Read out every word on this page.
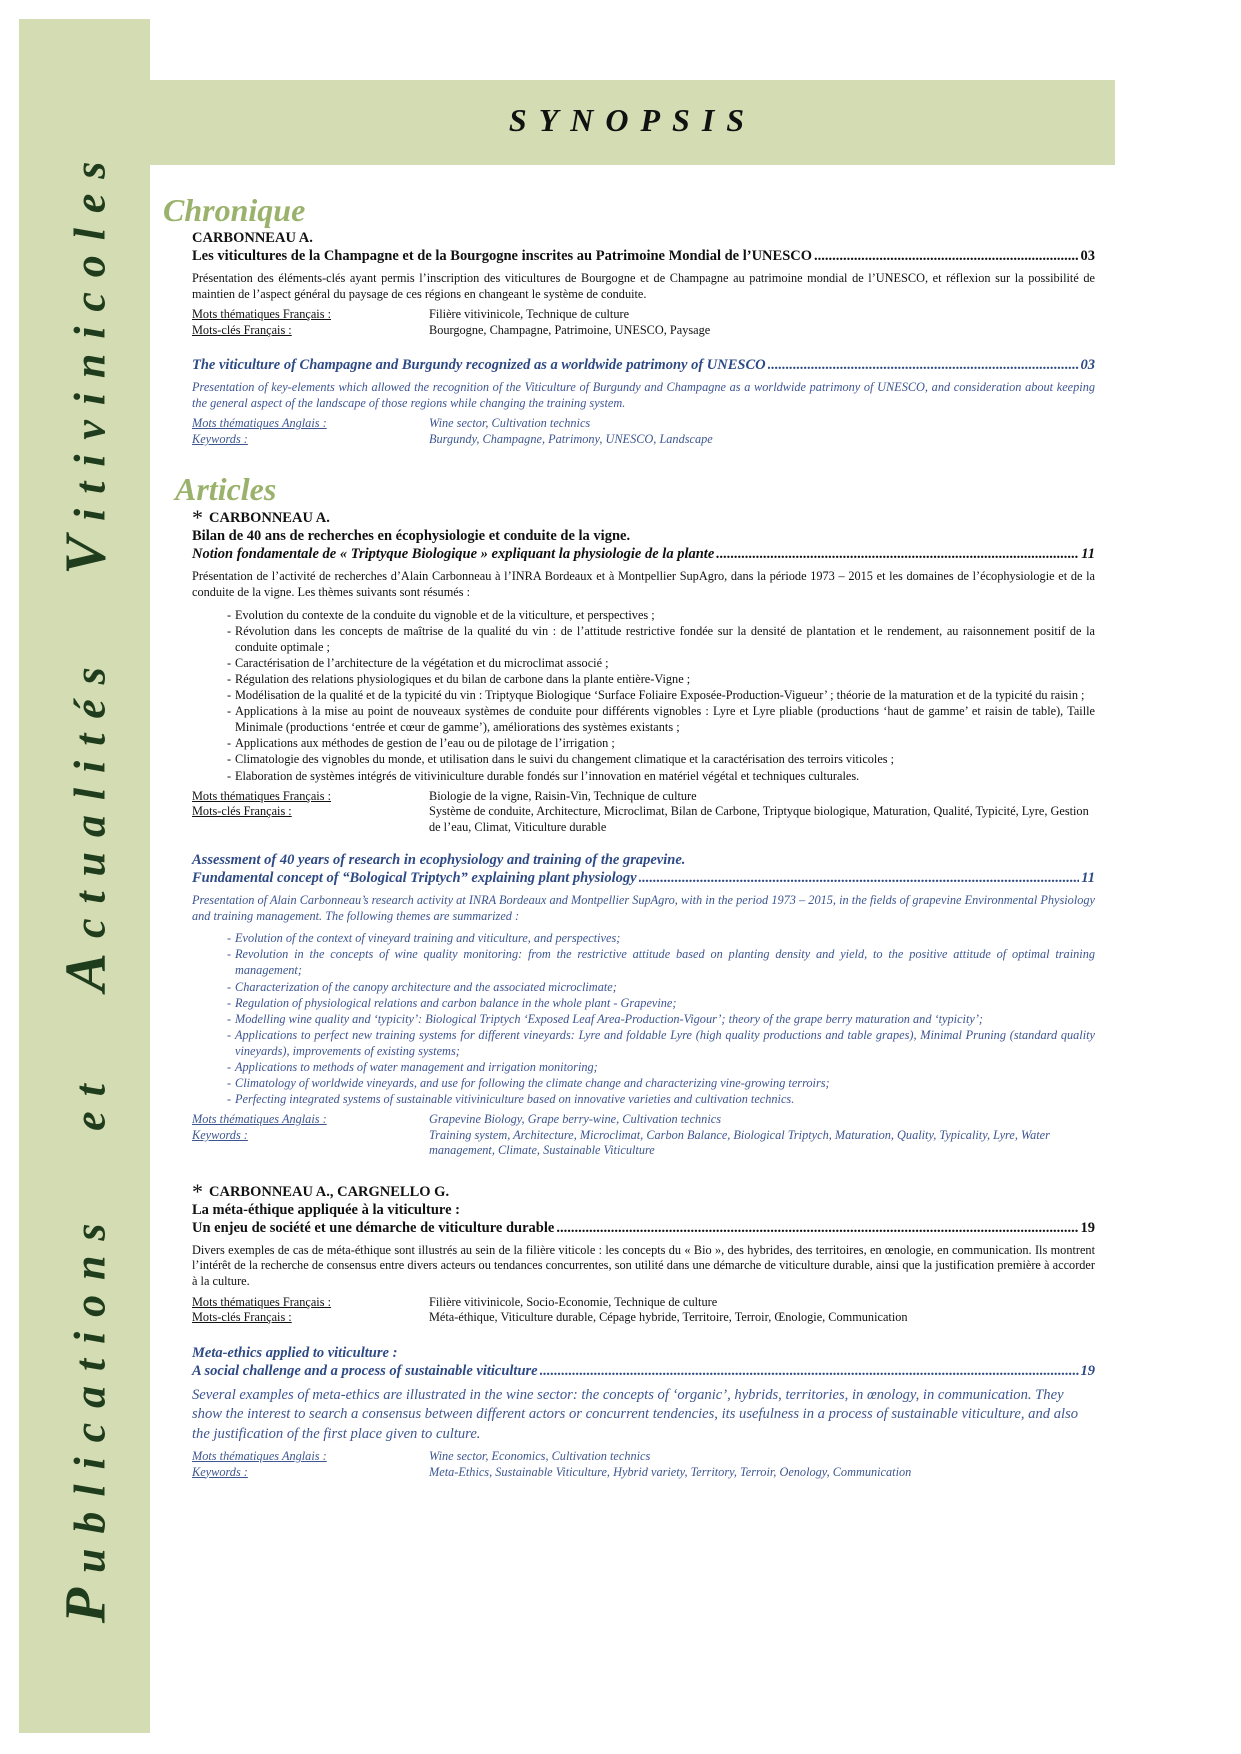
Publications   et   Actualités   Vitivinicoles
SYNOPSIS
Chronique
CARBONNEAU A.
Les viticultures de la Champagne et de la Bourgogne inscrites au Patrimoine Mondial de l’UNESCO .....	03
Présentation des éléments-clés ayant permis l’inscription des viticultures de Bourgogne et de Champagne au patrimoine mondial de l’UNESCO, et réflexion sur la possibilité de maintien de l’aspect général du paysage de ces régions en changeant le système de conduite.
Mots thématiques Français :	Filière vitivinicole, Technique de culture
Mots-clés Français :	Bourgogne, Champagne, Patrimoine, UNESCO, Paysage
The viticulture of Champagne and Burgundy recognized as a worldwide patrimony of UNESCO .....	03
Presentation of key-elements which allowed the recognition of the Viticulture of Burgundy and Champagne as a worldwide patrimony of UNESCO, and consideration about keeping the general aspect of the landscape of those regions while changing the training system.
Mots thématiques Anglais :	Wine sector, Cultivation technics
Keywords :	Burgundy, Champagne, Patrimony, UNESCO, Landscape
Articles
* CARBONNEAU A.
Bilan de 40 ans de recherches en écophysiologie et conduite de la vigne.
Notion fondamentale de « Triptyque Biologique » expliquant la physiologie de la plante .....	11
Présentation de l’activité de recherches d’Alain Carbonneau à l’INRA Bordeaux et à Montpellier SupAgro, dans la période 1973 – 2015 et les domaines de l’écophysiologie et de la conduite de la vigne. Les thèmes suivants sont résumés :
- Evolution du contexte de la conduite du vignoble et de la viticulture, et perspectives ;
- Révolution dans les concepts de maîtrise de la qualité du vin : de l’attitude restrictive fondée sur la densité de plantation et le rendement, au raisonnement positif de la conduite optimale ;
- Caractérisation de l’architecture de la végétation et du microclimat associé ;
- Régulation des relations physiologiques et du bilan de carbone dans la plante entière-Vigne ;
- Modélisation de la qualité et de la typicité du vin : Triptyque Biologique ‘Surface Foliaire Exposée-Production-Vigueur’ ; théorie de la maturation et de la typicité du raisin ;
- Applications à la mise au point de nouveaux systèmes de conduite pour différents vignobles : Lyre et Lyre pliable (productions ‘haut de gamme’ et raisin de table), Taille Minimale (productions ‘entrée et cœur de gamme’), améliorations des systèmes existants ;
- Applications aux méthodes de gestion de l’eau ou de pilotage de l’irrigation ;
- Climatologie des vignobles du monde, et utilisation dans le suivi du changement climatique et la caractérisation des terroirs viticoles ;
- Elaboration de systèmes intégrés de vitiviniculture durable fondés sur l’innovation en matériel végétal et techniques culturales.
Mots thématiques Français :	Biologie de la vigne, Raisin-Vin, Technique de culture
Mots-clés Français :	Système de conduite, Architecture, Microclimat, Bilan de Carbone, Triptyque biologique, Maturation, Qualité, Typicité, Lyre, Gestion de l’eau, Climat, Viticulture durable
Assessment of 40 years of research in ecophysiology and training of the grapevine.
Fundamental concept of “Bological Triptych” explaining plant physiology .....	11
Presentation of Alain Carbonneau’s research activity at INRA Bordeaux and Montpellier SupAgro, with in the period 1973 – 2015, in the fields of grapevine Environmental Physiology and training management. The following themes are summarized :
- Evolution of the context of vineyard training and viticulture, and perspectives;
- Revolution in the concepts of wine quality monitoring: from the restrictive attitude based on planting density and yield, to the positive attitude of optimal training management;
- Characterization of the canopy architecture and the associated microclimate;
- Regulation of physiological relations and carbon balance in the whole plant - Grapevine;
- Modelling wine quality and ‘typicity’: Biological Triptych ‘Exposed Leaf Area-Production-Vigour’; theory of the grape berry maturation and ‘typicity’;
- Applications to perfect new training systems for different vineyards: Lyre and foldable Lyre (high quality productions and table grapes), Minimal Pruning (standard quality vineyards), improvements of existing systems;
- Applications to methods of water management and irrigation monitoring;
- Climatology of worldwide vineyards, and use for following the climate change and characterizing vine-growing terroirs;
- Perfecting integrated systems of sustainable vitiviniculture based on innovative varieties and cultivation technics.
Mots thématiques Anglais :	Grapevine Biology, Grape berry-wine, Cultivation technics
Keywords :	Training system, Architecture, Microclimat, Carbon Balance, Biological Triptych, Maturation, Quality, Typicality, Lyre, Water management, Climate, Sustainable Viticulture
* CARBONNEAU A., CARGNELLO G.
La méta-éthique appliquée à la viticulture :
Un enjeu de société et une démarche de viticulture durable .....	19
Divers exemples de cas de méta-éthique sont illustrés au sein de la filière viticole : les concepts du « Bio », des hybrides, des territoires, en œnologie, en communication. Ils montrent l’intérêt de la recherche de consensus entre divers acteurs ou tendances concurrentes, son utilité dans une démarche de viticulture durable, ainsi que la justification première à accorder à la culture.
Mots thématiques Français :	Filière vitivinicole, Socio-Economie, Technique de culture
Mots-clés Français :	Méta-éthique, Viticulture durable, Cépage hybride, Territoire, Terroir, Œnologie, Communication
Meta-ethics applied to viticulture :
A social challenge and a process of sustainable viticulture .....	19
Several examples of meta-ethics are illustrated in the wine sector: the concepts of ‘organic’, hybrids, territories, in œnology, in communication. They show the interest to search a consensus between different actors or concurrent tendencies, its usefulness in a process of sustainable viticulture, and also the justification of the first place given to culture.
Mots thématiques Anglais :	Wine sector, Economics, Cultivation technics
Keywords :	Meta-Ethics, Sustainable Viticulture, Hybrid variety, Territory, Terroir, Oenology, Communication
